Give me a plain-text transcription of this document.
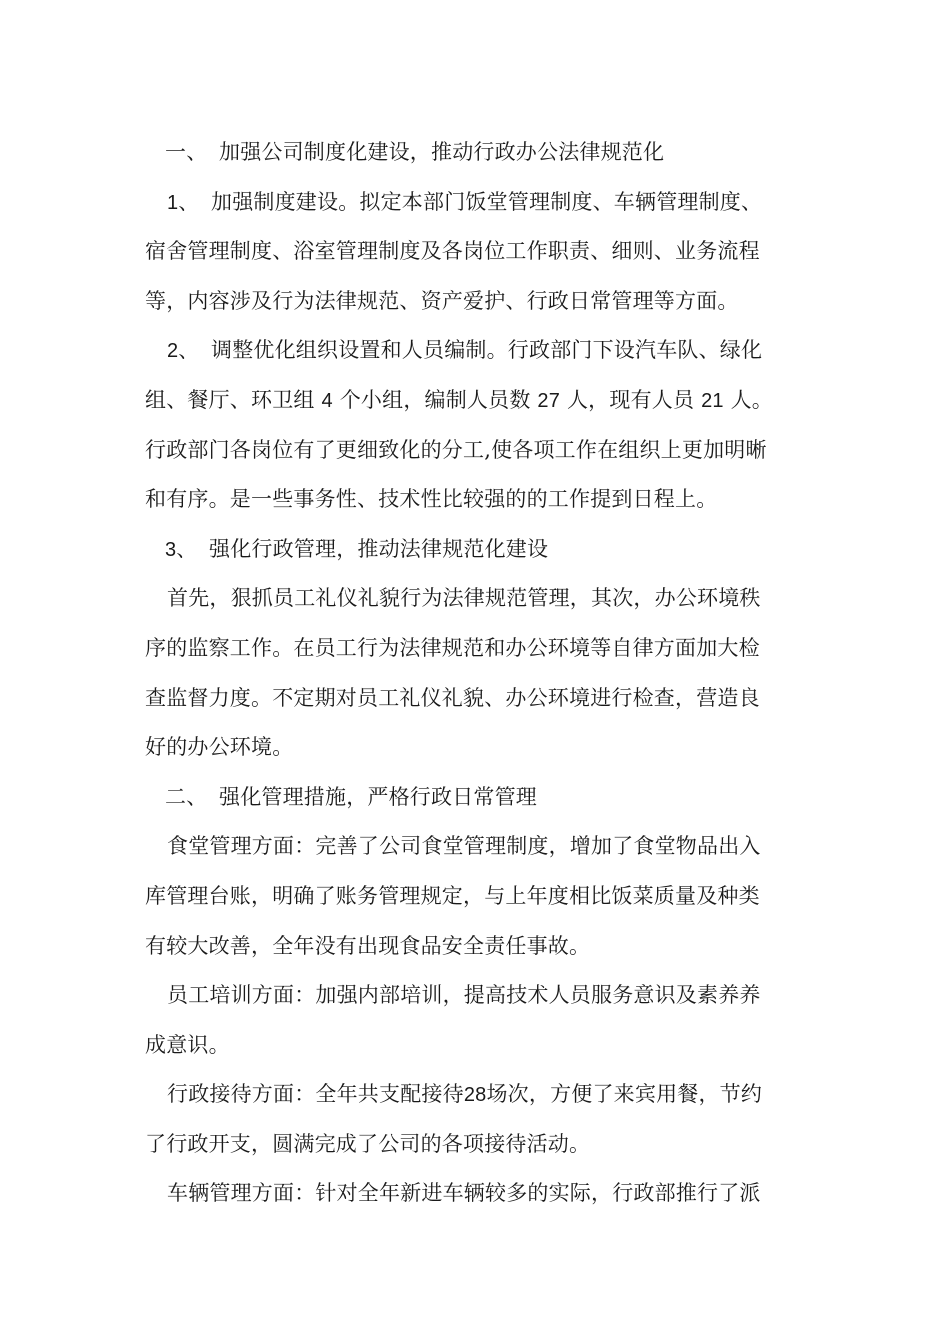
一、 加强公司制度化建设，推动行政办公法律规范化
1、 加强制度建设。拟定本部门饭堂管理制度、车辆管理制度、
宿舍管理制度、浴室管理制度及各岗位工作职责、细则、业务流程
等，内容涉及行为法律规范、资产爱护、行政日常管理等方面。
2、 调整优化组织设置和人员编制。行政部门下设汽车队、绿化
组、餐厅、环卫组 4 个小组，编制人员数 27 人，现有人员 21 人。
行政部门各岗位有了更细致化的分工,使各项工作在组织上更加明晰
和有序。是一些事务性、技术性比较强的的工作提到日程上。
3、 强化行政管理，推动法律规范化建设
首先，狠抓员工礼仪礼貌行为法律规范管理，其次，办公环境秩
序的监察工作。在员工行为法律规范和办公环境等自律方面加大检
查监督力度。不定期对员工礼仪礼貌、办公环境进行检查，营造良
好的办公环境。
二、 强化管理措施，严格行政日常管理
食堂管理方面：完善了公司食堂管理制度，增加了食堂物品出入
库管理台账，明确了账务管理规定，与上年度相比饭菜质量及种类
有较大改善，全年没有出现食品安全责任事故。
员工培训方面：加强内部培训，提高技术人员服务意识及素养养
成意识。
行政接待方面：全年共支配接待28场次，方便了来宾用餐，节约
了行政开支，圆满完成了公司的各项接待活动。
车辆管理方面：针对全年新进车辆较多的实际，行政部推行了派
